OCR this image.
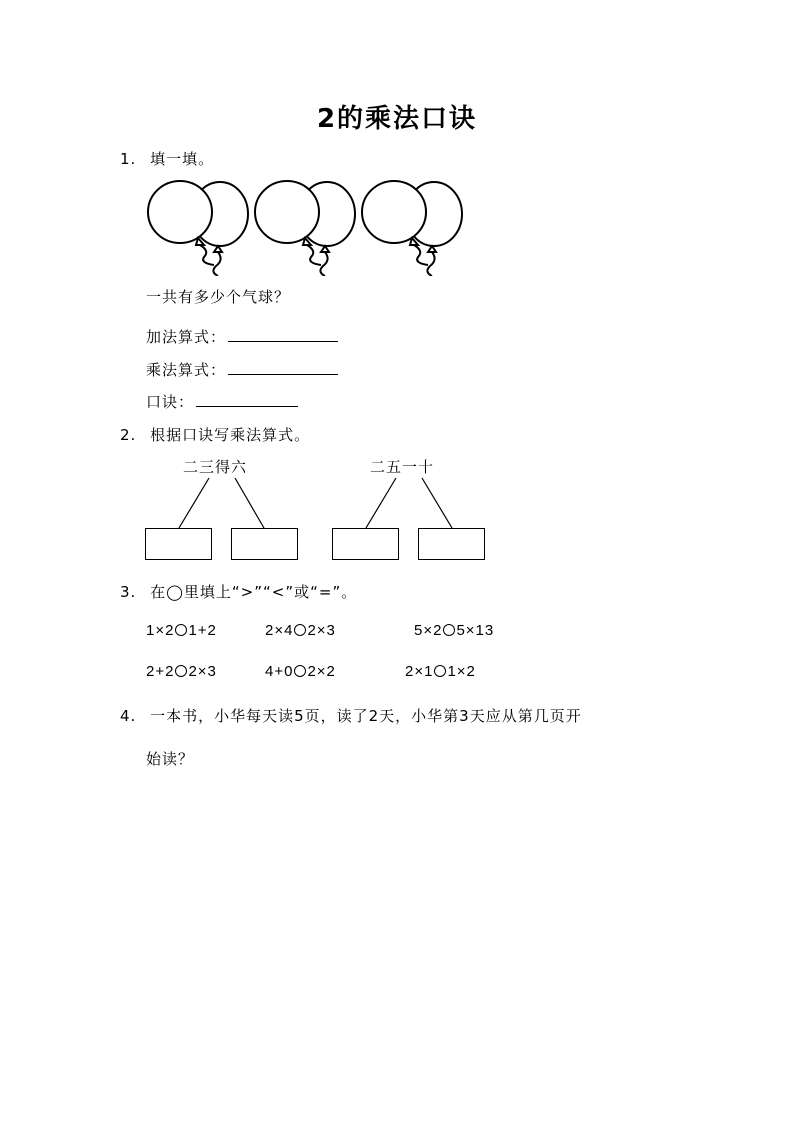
2的乘法口诀
1. 填一填。
一共有多少个气球？
加法算式：
乘法算式：
口诀：
2. 根据口诀写乘法算式。
二三得六	二五一十
3. 在◯里填上“>”“<”或“=”。
1×2 1+2	2×4 2×3	5×2 5×13
2+2 2×3	4+0 2×2	2×1 1×2
4. 一本书，小华每天读5页，读了2天，小华第3天应从第几页开
始读？
